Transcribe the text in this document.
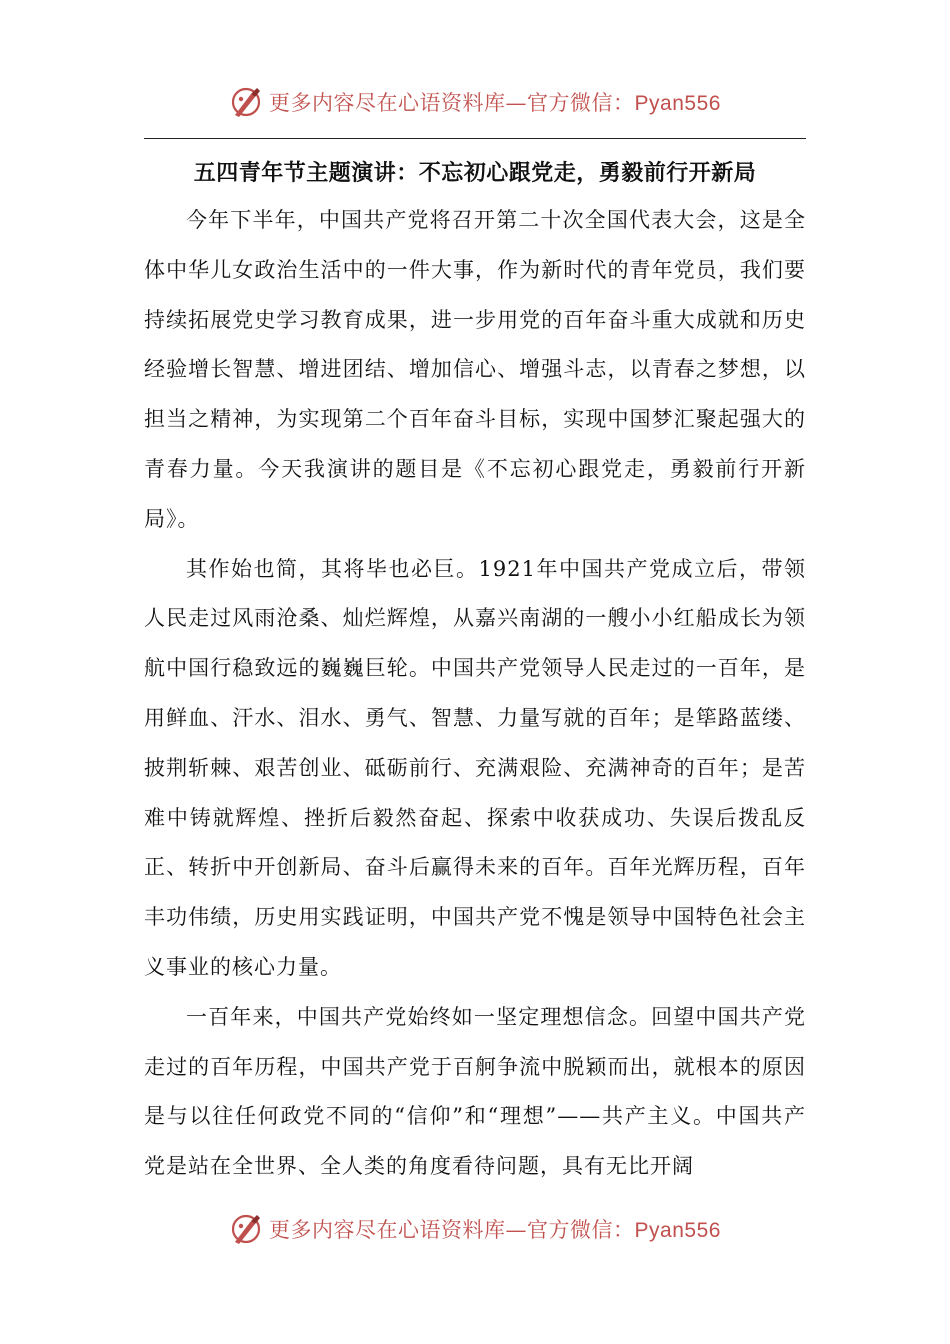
更多内容尽在心语资料库—官方微信：Pyan556
五四青年节主题演讲：不忘初心跟党走，勇毅前行开新局

今年下半年，中国共产党将召开第二十次全国代表大会，这是全体中华儿女政治生活中的一件大事，作为新时代的青年党员，我们要持续拓展党史学习教育成果，进一步用党的百年奋斗重大成就和历史经验增长智慧、增进团结、增加信心、增强斗志，以青春之梦想，以担当之精神，为实现第二个百年奋斗目标，实现中国梦汇聚起强大的青春力量。今天我演讲的题目是《不忘初心跟党走，勇毅前行开新局》。

其作始也简，其将毕也必巨。1921年中国共产党成立后，带领人民走过风雨沧桑、灿烂辉煌，从嘉兴南湖的一艘小小红船成长为领航中国行稳致远的巍巍巨轮。中国共产党领导人民走过的一百年，是用鲜血、汗水、泪水、勇气、智慧、力量写就的百年；是筚路蓝缕、披荆斩棘、艰苦创业、砥砺前行、充满艰险、充满神奇的百年；是苦难中铸就辉煌、挫折后毅然奋起、探索中收获成功、失误后拨乱反正、转折中开创新局、奋斗后赢得未来的百年。百年光辉历程，百年丰功伟绩，历史用实践证明，中国共产党不愧是领导中国特色社会主义事业的核心力量。

一百年来，中国共产党始终如一坚定理想信念。回望中国共产党走过的百年历程，中国共产党于百舸争流中脱颖而出，就根本的原因是与以往任何政党不同的“信仰”和“理想”——共产主义。中国共产党是站在全世界、全人类的角度看待问题，具有无比开阔

更多内容尽在心语资料库—官方微信：Pyan556
